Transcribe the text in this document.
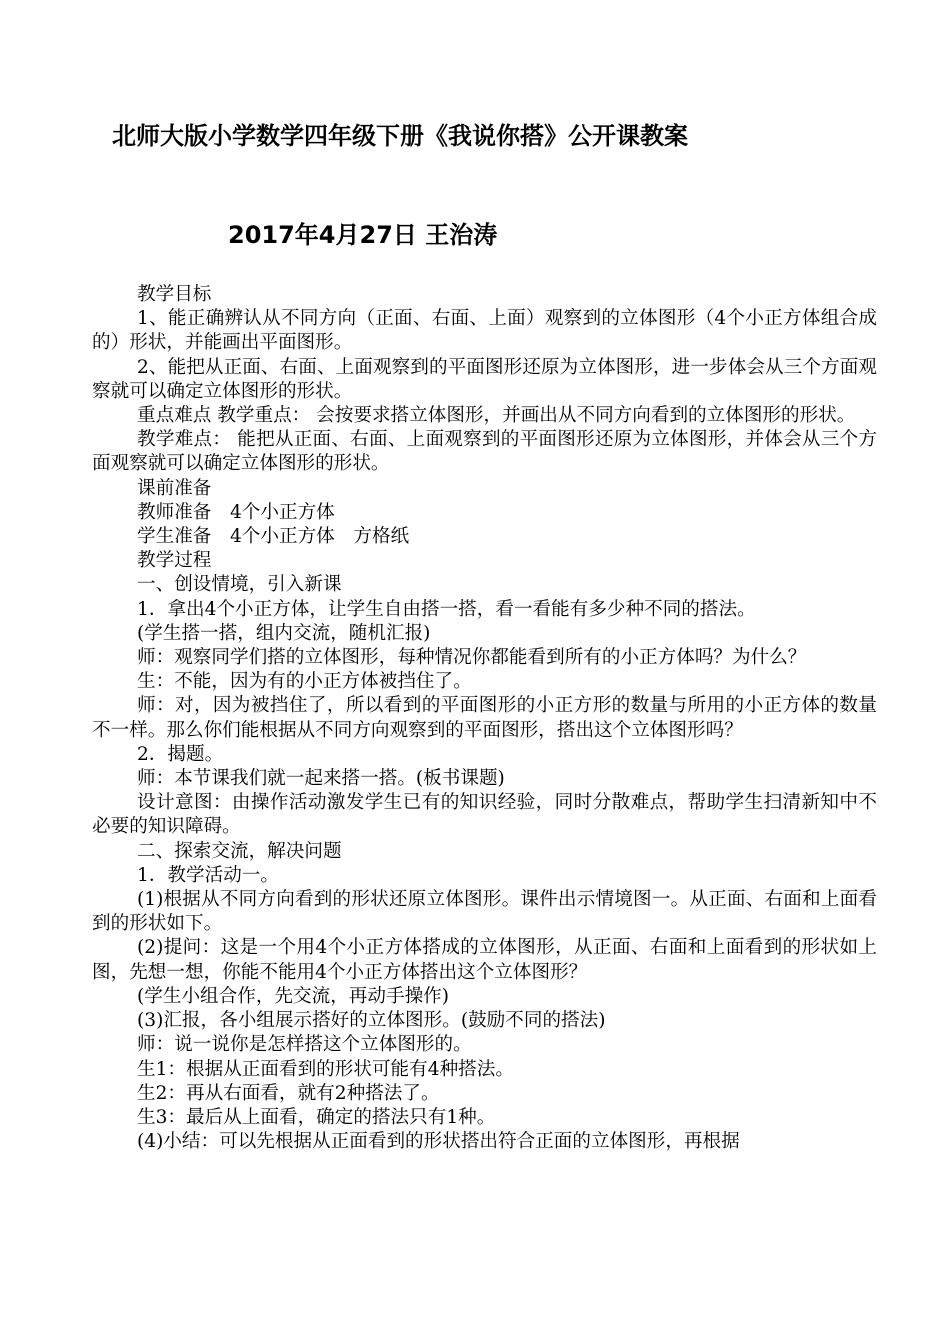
北师大版小学数学四年级下册《我说你搭》公开课教案
2017年4月27日 王治涛

教学目标

1、能正确辨认从不同方向（正面、右面、上面）观察到的立体图形（4个小正方体组合成的）形状，并能画出平面图形。

2、能把从正面、右面、上面观察到的平面图形还原为立体图形，进一步体会从三个方面观察就可以确定立体图形的形状。

重点难点 教学重点： 会按要求搭立体图形，并画出从不同方向看到的立体图形的形状。

教学难点： 能把从正面、右面、上面观察到的平面图形还原为立体图形，并体会从三个方面观察就可以确定立体图形的形状。

课前准备

教师准备　4个小正方体

学生准备　4个小正方体　方格纸

教学过程

一、创设情境，引入新课

1．拿出4个小正方体，让学生自由搭一搭，看一看能有多少种不同的搭法。

(学生搭一搭，组内交流，随机汇报)

师：观察同学们搭的立体图形，每种情况你都能看到所有的小正方体吗？为什么？

生：不能，因为有的小正方体被挡住了。

师：对，因为被挡住了，所以看到的平面图形的小正方形的数量与所用的小正方体的数量不一样。那么你们能根据从不同方向观察到的平面图形，搭出这个立体图形吗？

2．揭题。

师：本节课我们就一起来搭一搭。(板书课题)

设计意图：由操作活动激发学生已有的知识经验，同时分散难点，帮助学生扫清新知中不必要的知识障碍。

二、探索交流，解决问题

1．教学活动一。

(1)根据从不同方向看到的形状还原立体图形。课件出示情境图一。从正面、右面和上面看到的形状如下。

(2)提问：这是一个用4个小正方体搭成的立体图形，从正面、右面和上面看到的形状如上图，先想一想，你能不能用4个小正方体搭出这个立体图形？

(学生小组合作，先交流，再动手操作)

(3)汇报，各小组展示搭好的立体图形。(鼓励不同的搭法)

师：说一说你是怎样搭这个立体图形的。

生1：根据从正面看到的形状可能有4种搭法。

生2：再从右面看，就有2种搭法了。

生3：最后从上面看，确定的搭法只有1种。

(4)小结：可以先根据从正面看到的形状搭出符合正面的立体图形，再根据
